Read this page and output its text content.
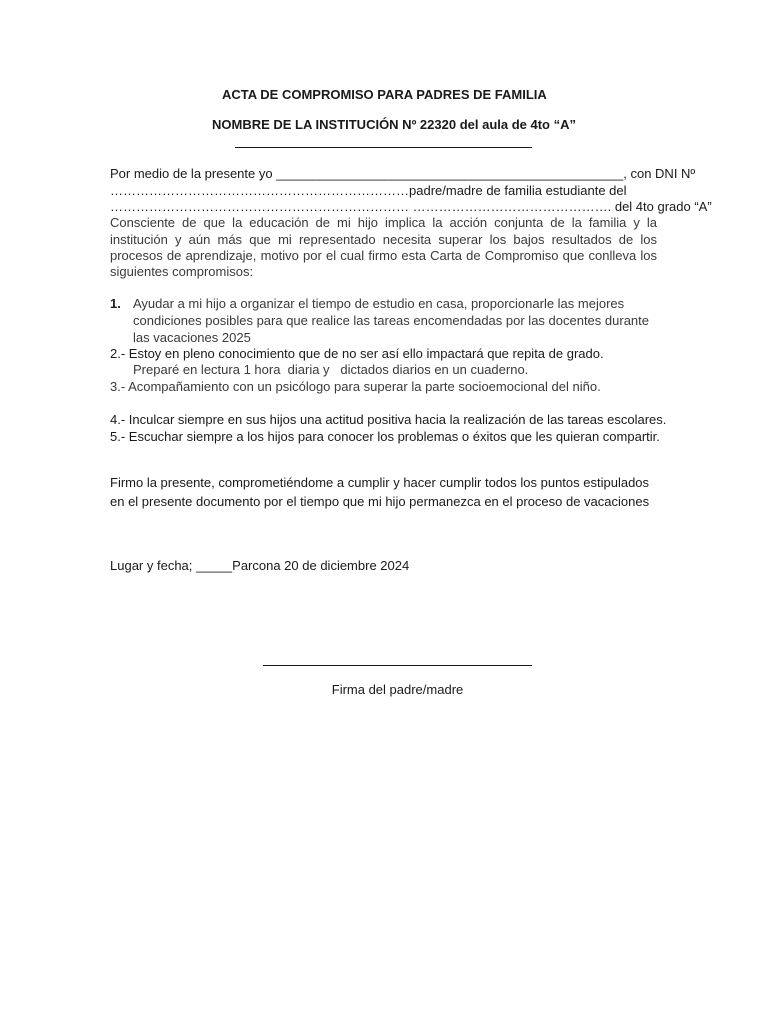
ACTA DE COMPROMISO PARA PADRES DE FAMILIA
NOMBRE DE LA INSTITUCIÓN Nº 22320 del aula de 4to “A”
Por medio de la presente yo ________________________________________________, con DNI Nº
……………………………………………………………padre/madre de familia estudiante del
…………………………………………………………… ………………………………………. del 4to grado “A”
Consciente de que la educación de mi hijo implica la acción conjunta de la familia y la
institución y aún más que mi representado necesita superar los bajos resultados de los
procesos de aprendizaje, motivo por el cual firmo esta Carta de Compromiso que conlleva los
siguientes compromisos:
1. Ayudar a mi hijo a organizar el tiempo de estudio en casa, proporcionarle las mejores
condiciones posibles para que realice las tareas encomendadas por las docentes durante
las vacaciones 2025
2.- Estoy en pleno conocimiento que de no ser así ello impactará que repita de grado.
Preparé en lectura 1 hora  diaria y   dictados diarios en un cuaderno.
3.- Acompañamiento con un psicólogo para superar la parte socioemocional del niño.
4.- Inculcar siempre en sus hijos una actitud positiva hacia la realización de las tareas escolares.
5.- Escuchar siempre a los hijos para conocer los problemas o éxitos que les quieran compartir.
Firmo la presente, comprometiéndome a cumplir y hacer cumplir todos los puntos estipulados
en el presente documento por el tiempo que mi hijo permanezca en el proceso de vacaciones
Lugar y fecha; _____Parcona 20 de diciembre 2024
Firma del padre/madre
